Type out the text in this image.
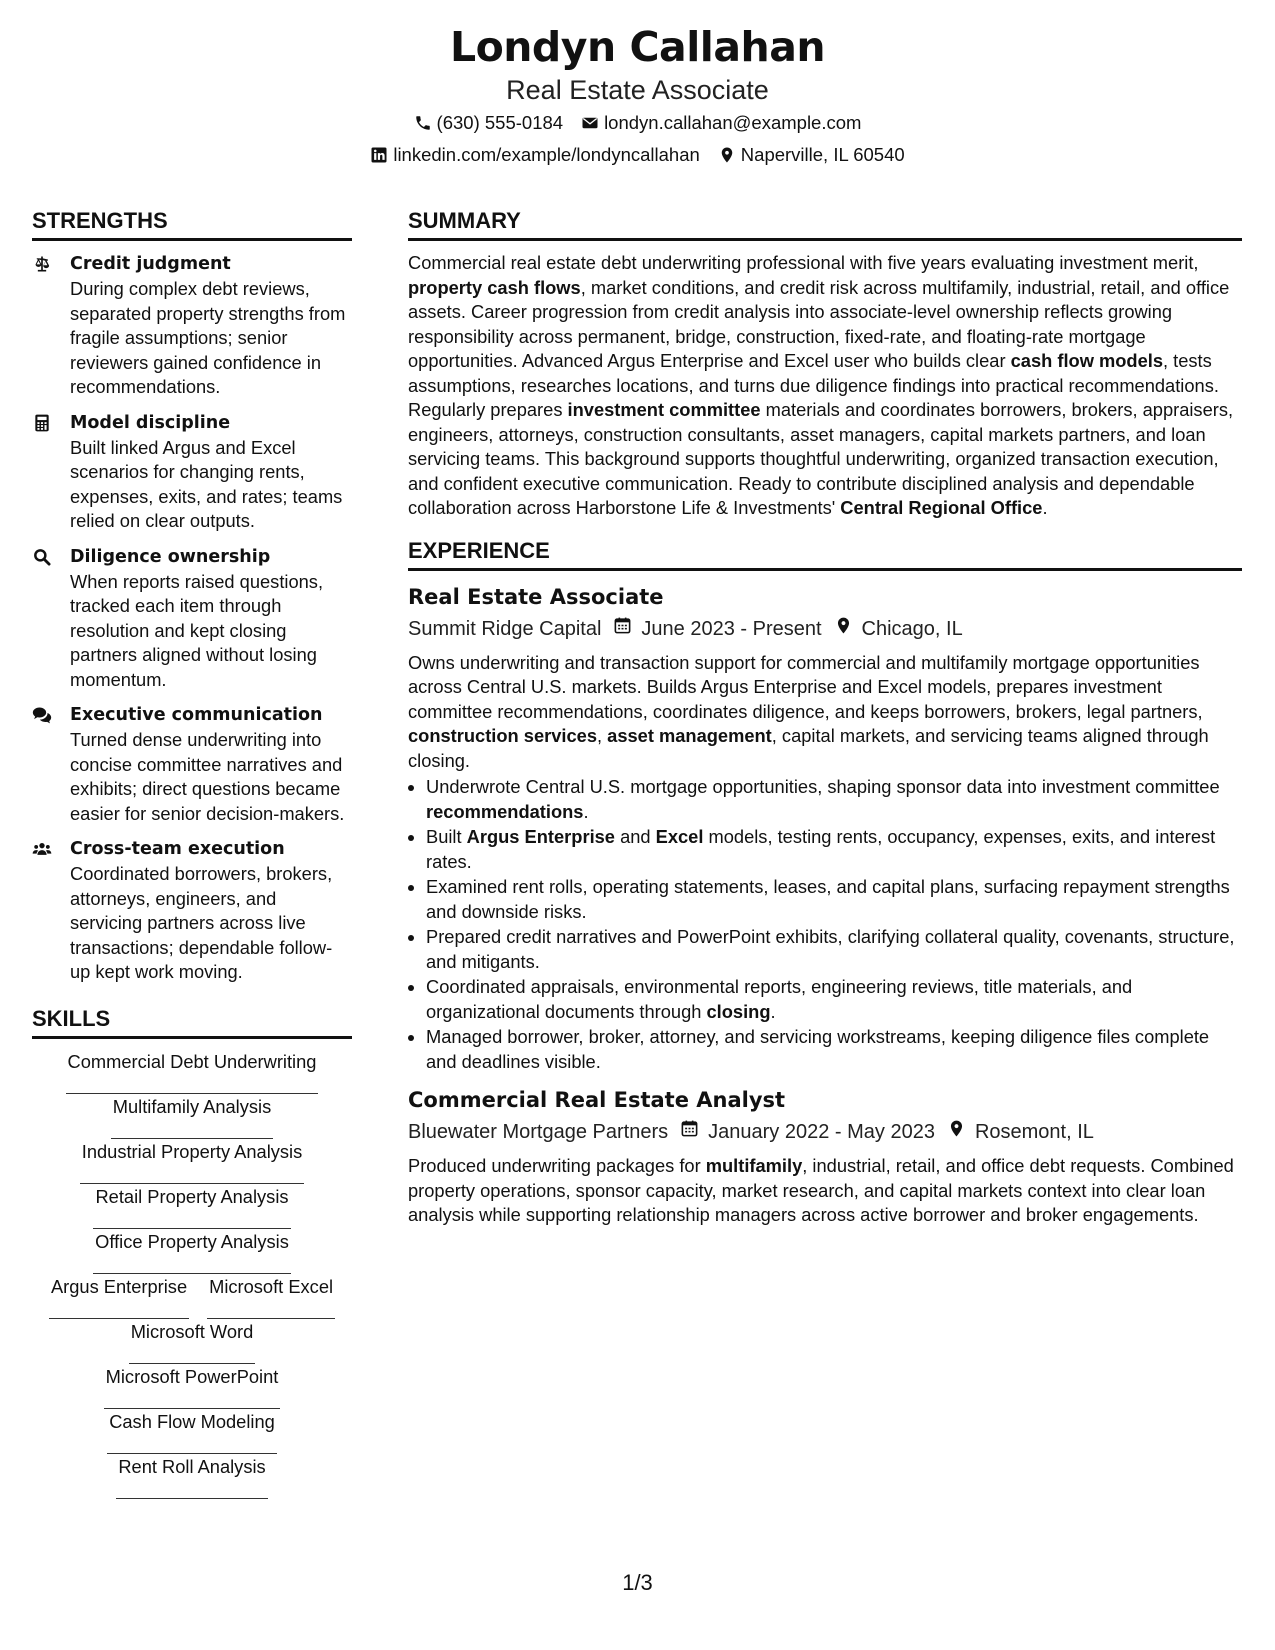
Londyn Callahan
Real Estate Associate
(630) 555-0184 londyn.callahan@example.com
linkedin.com/example/londyncallahan Naperville, IL 60540
STRENGTHS
Credit judgment
During complex debt reviews, separated property strengths from fragile assumptions; senior reviewers gained confidence in recommendations.
Model discipline
Built linked Argus and Excel scenarios for changing rents, expenses, exits, and rates; teams relied on clear outputs.
Diligence ownership
When reports raised questions, tracked each item through resolution and kept closing partners aligned without losing momentum.
Executive communication
Turned dense underwriting into concise committee narratives and exhibits; direct questions became easier for senior decision-makers.
Cross-team execution
Coordinated borrowers, brokers, attorneys, engineers, and servicing partners across live transactions; dependable follow-up kept work moving.
SKILLS
Commercial Debt Underwriting
Multifamily Analysis
Industrial Property Analysis
Retail Property Analysis
Office Property Analysis
Argus Enterprise Microsoft Excel
Microsoft Word
Microsoft PowerPoint
Cash Flow Modeling
Rent Roll Analysis
SUMMARY
Commercial real estate debt underwriting professional with five years evaluating investment merit, property cash flows, market conditions, and credit risk across multifamily, industrial, retail, and office assets. Career progression from credit analysis into associate-level ownership reflects growing responsibility across permanent, bridge, construction, fixed-rate, and floating-rate mortgage opportunities. Advanced Argus Enterprise and Excel user who builds clear cash flow models, tests assumptions, researches locations, and turns due diligence findings into practical recommendations. Regularly prepares investment committee materials and coordinates borrowers, brokers, appraisers, engineers, attorneys, construction consultants, asset managers, capital markets partners, and loan servicing teams. This background supports thoughtful underwriting, organized transaction execution, and confident executive communication. Ready to contribute disciplined analysis and dependable collaboration across Harborstone Life & Investments' Central Regional Office.
EXPERIENCE
Real Estate Associate
Summit Ridge Capital June 2023 - Present Chicago, IL
Owns underwriting and transaction support for commercial and multifamily mortgage opportunities across Central U.S. markets. Builds Argus Enterprise and Excel models, prepares investment committee recommendations, coordinates diligence, and keeps borrowers, brokers, legal partners, construction services, asset management, capital markets, and servicing teams aligned through closing.
• Underwrote Central U.S. mortgage opportunities, shaping sponsor data into investment committee recommendations.
• Built Argus Enterprise and Excel models, testing rents, occupancy, expenses, exits, and interest rates.
• Examined rent rolls, operating statements, leases, and capital plans, surfacing repayment strengths and downside risks.
• Prepared credit narratives and PowerPoint exhibits, clarifying collateral quality, covenants, structure, and mitigants.
• Coordinated appraisals, environmental reports, engineering reviews, title materials, and organizational documents through closing.
• Managed borrower, broker, attorney, and servicing workstreams, keeping diligence files complete and deadlines visible.
Commercial Real Estate Analyst
Bluewater Mortgage Partners January 2022 - May 2023 Rosemont, IL
Produced underwriting packages for multifamily, industrial, retail, and office debt requests. Combined property operations, sponsor capacity, market research, and capital markets context into clear loan analysis while supporting relationship managers across active borrower and broker engagements.
1/3
